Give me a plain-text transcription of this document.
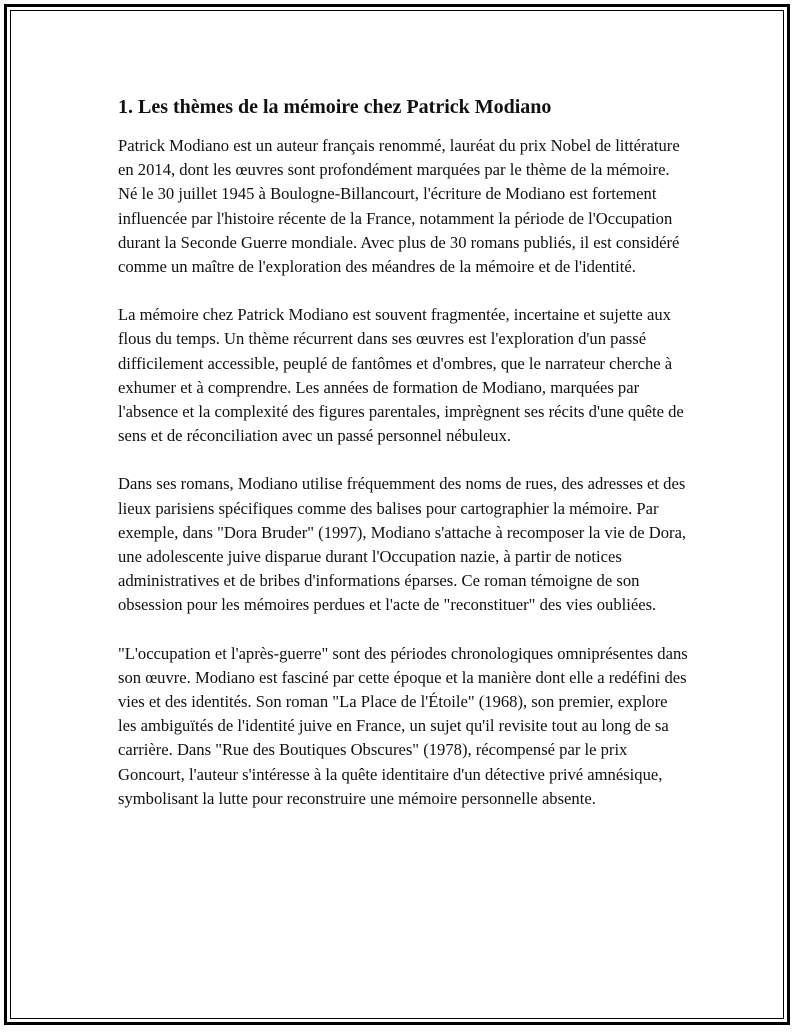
1. Les thèmes de la mémoire chez Patrick Modiano

Patrick Modiano est un auteur français renommé, lauréat du prix Nobel de littérature en 2014, dont les œuvres sont profondément marquées par le thème de la mémoire. Né le 30 juillet 1945 à Boulogne-Billancourt, l'écriture de Modiano est fortement influencée par l'histoire récente de la France, notamment la période de l'Occupation durant la Seconde Guerre mondiale. Avec plus de 30 romans publiés, il est considéré comme un maître de l'exploration des méandres de la mémoire et de l'identité.

La mémoire chez Patrick Modiano est souvent fragmentée, incertaine et sujette aux flous du temps. Un thème récurrent dans ses œuvres est l'exploration d'un passé difficilement accessible, peuplé de fantômes et d'ombres, que le narrateur cherche à exhumer et à comprendre. Les années de formation de Modiano, marquées par l'absence et la complexité des figures parentales, imprègnent ses récits d'une quête de sens et de réconciliation avec un passé personnel nébuleux.

Dans ses romans, Modiano utilise fréquemment des noms de rues, des adresses et des lieux parisiens spécifiques comme des balises pour cartographier la mémoire. Par exemple, dans "Dora Bruder" (1997), Modiano s'attache à recomposer la vie de Dora, une adolescente juive disparue durant l'Occupation nazie, à partir de notices administratives et de bribes d'informations éparses. Ce roman témoigne de son obsession pour les mémoires perdues et l'acte de "reconstituer" des vies oubliées.

"L'occupation et l'après-guerre" sont des périodes chronologiques omniprésentes dans son œuvre. Modiano est fasciné par cette époque et la manière dont elle a redéfini des vies et des identités. Son roman "La Place de l'Étoile" (1968), son premier, explore les ambiguïtés de l'identité juive en France, un sujet qu'il revisite tout au long de sa carrière. Dans "Rue des Boutiques Obscures" (1978), récompensé par le prix Goncourt, l'auteur s'intéresse à la quête identitaire d'un détective privé amnésique, symbolisant la lutte pour reconstruire une mémoire personnelle absente.
